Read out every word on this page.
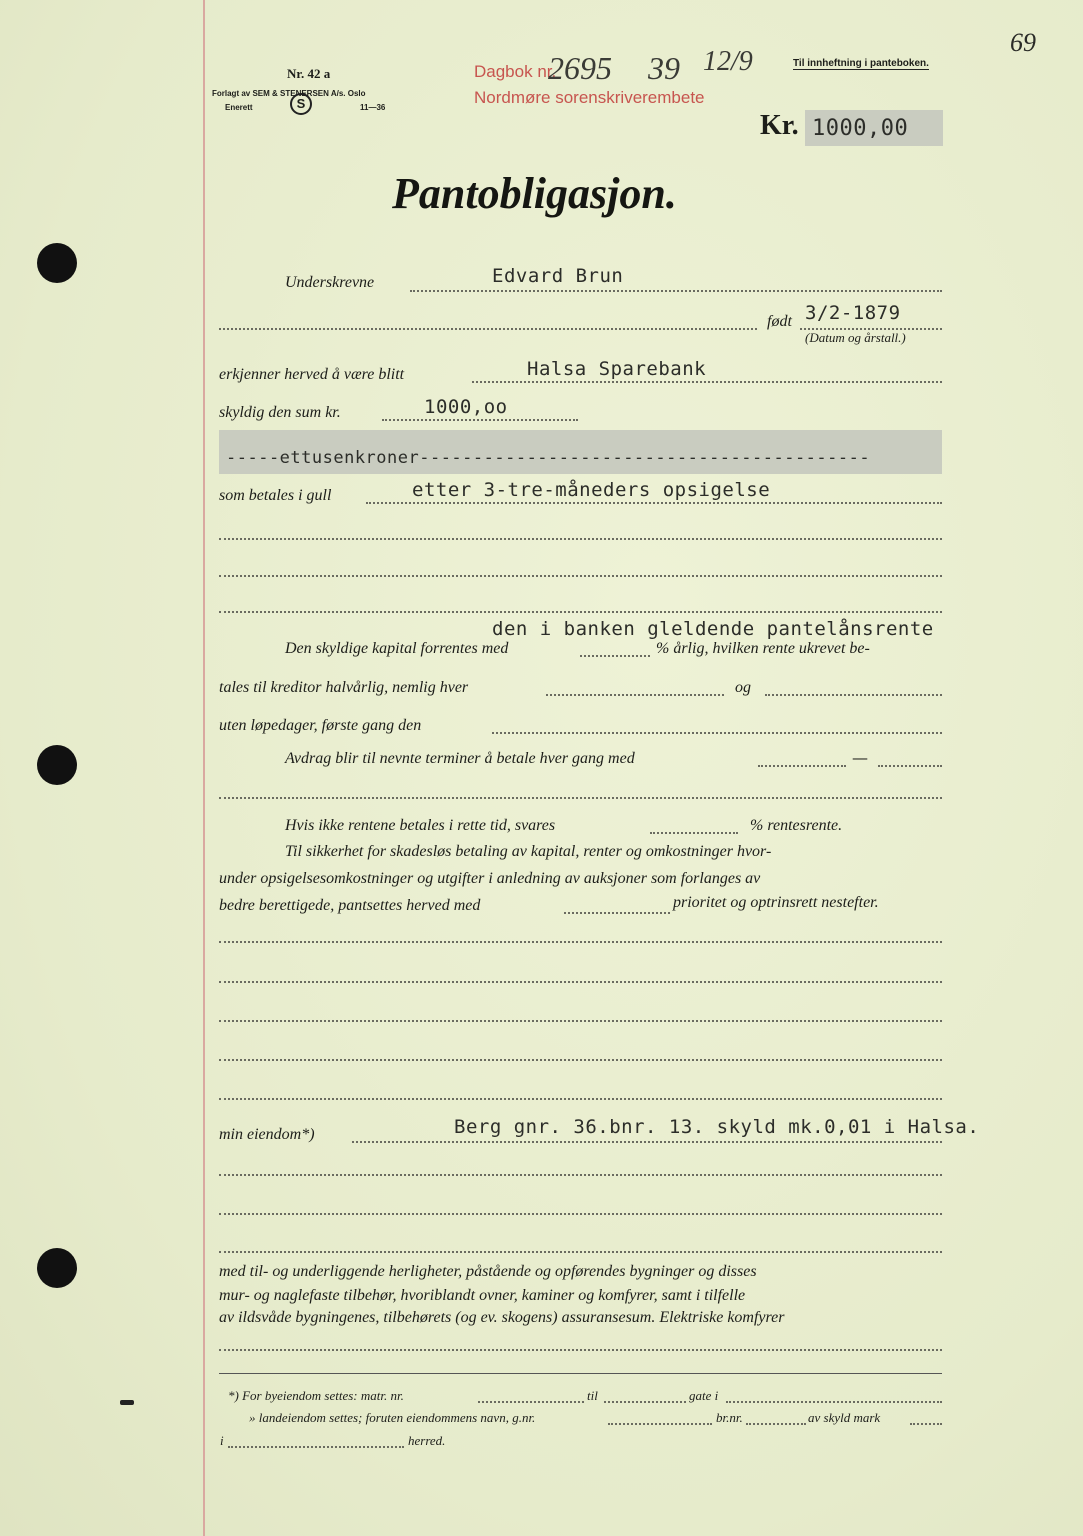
69
Nr. 42 a
Forlagt av SEM & STENERSEN A/s. Oslo
Enerett	S	11—36
Dagbok nr.
2695 39 12/9
Nordmøre sorenskriverembete
Til innheftning i panteboken.
Kr. 1000,00
Pantobligasjon.
Underskrevne	Edvard Brun
født 3/2-1879
(Datum og årstall.)
erkjenner herved å være blitt	Halsa Sparebank
skyldig den sum kr.	1000,oo
-----ettusenkroner------------------------------------------
som betales i gull	etter 3-tre-måneders opsigelse
den i banken gleldende pantelånsrente
Den skyldige kapital forrentes med	% årlig, hvilken rente ukrevet be-
tales til kreditor halvårlig, nemlig hver	og
uten løpedager, første gang den
Avdrag blir til nevnte terminer å betale hver gang med	—
Hvis ikke rentene betales i rette tid, svares	% rentesrente.
Til sikkerhet for skadesløs betaling av kapital, renter og omkostninger hvor-
under opsigelsesomkostninger og utgifter i anledning av auksjoner som forlanges av
bedre berettigede, pantsettes herved med	prioritet og optrinsrett nestefter.
min eiendom*)	Berg gnr. 36.bnr. 13. skyld mk.0,01 i Halsa.
med til- og underliggende herligheter, påstående og opførendes bygninger og disses
mur- og naglefaste tilbehør, hvoriblandt ovner, kaminer og komfyrer, samt i tilfelle
av ildsvåde bygningenes, tilbehørets (og ev. skogens) assuransesum. Elektriske komfyrer
*) For byeiendom settes: matr. nr.	til	gate i
» landeiendom settes; foruten eiendommens navn, g.nr.	br.nr.	av skyld mark
i	herred.
